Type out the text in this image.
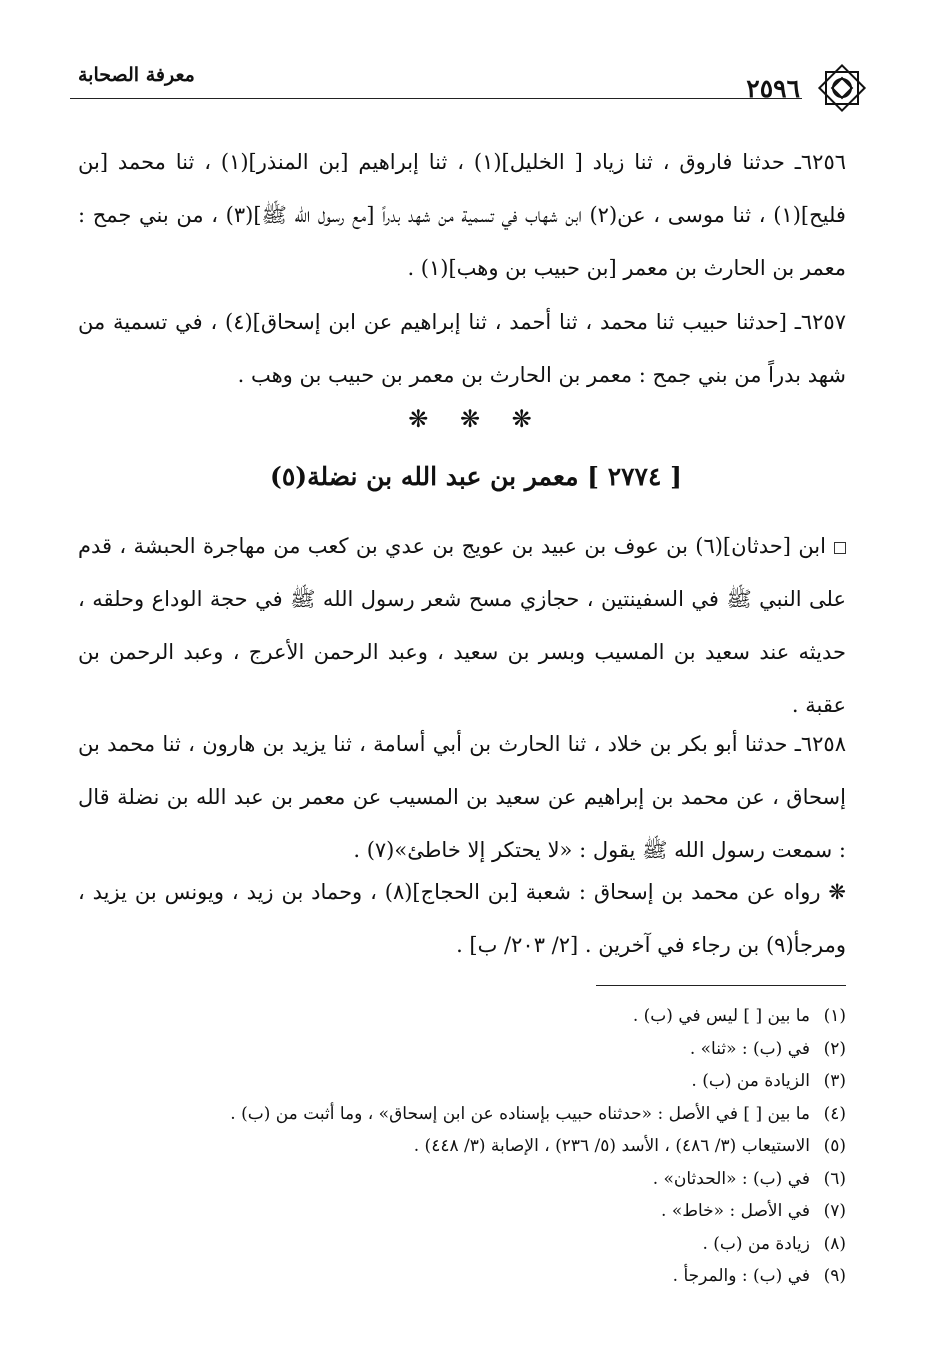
معرفة الصحابة	٢٥٩٦

٦٢٥٦ـ حدثنا فاروق ، ثنا زياد [ الخليل](١) ، ثنا إبراهيم [بن المنذر](١) ، ثنا محمد [بن فليح](١) ، ثنا موسى ، عن(٢) ابن شهاب في تسمية من شهد بدراً [مع رسول الله ﷺ](٣) ، من بني جمح : معمر بن الحارث بن معمر [بن حبيب بن وهب](١) .

٦٢٥٧ـ [حدثنا حبيب ثنا محمد ، ثنا أحمد ، ثنا إبراهيم عن ابن إسحاق](٤) ، في تسمية من شهد بدراً من بني جمح : معمر بن الحارث بن معمر بن حبيب بن وهب .

❋ ❋ ❋
[ ٢٧٧٤ ] معمر بن عبد الله بن نضلة(٥)

ابن [حدثان](٦) بن عوف بن عبيد بن عويج بن عدي بن كعب من مهاجرة الحبشة ، قدم على النبي ﷺ في السفينتين ، حجازي مسح شعر رسول الله ﷺ في حجة الوداع وحلقه ، حديثه عند سعيد بن المسيب وبسر بن سعيد ، وعبد الرحمن الأعرج ، وعبد الرحمن بن عقبة .

٦٢٥٨ـ حدثنا أبو بكر بن خلاد ، ثنا الحارث بن أبي أسامة ، ثنا يزيد بن هارون ، ثنا محمد بن إسحاق ، عن محمد بن إبراهيم عن سعيد بن المسيب عن معمر بن عبد الله بن نضلة قال : سمعت رسول الله ﷺ يقول : «لا يحتكر إلا خاطئ»(٧) .

❋ رواه عن محمد بن إسحاق : شعبة [بن الحجاج](٨) ، وحماد بن زيد ، ويونس بن يزيد ، ومرجأ(٩) بن رجاء في آخرين . [٢/ ٢٠٣/ ب] .

(١)ما بين [ ] ليس في (ب) .
(٢)في (ب) : «ثنا» .
(٣)الزيادة من (ب) .
(٤)ما بين [ ] في الأصل : «حدثناه حبيب بإسناده عن ابن إسحاق» ، وما أثبت من (ب) .
(٥)الاستيعاب (٣/ ٤٨٦) ، الأسد (٥/ ٢٣٦) ، الإصابة (٣/ ٤٤٨) .
(٦)في (ب) : «الحدثان» .
(٧)في الأصل : «خاط» .
(٨)زيادة من (ب) .
(٩)في (ب) : والمرجأ .
